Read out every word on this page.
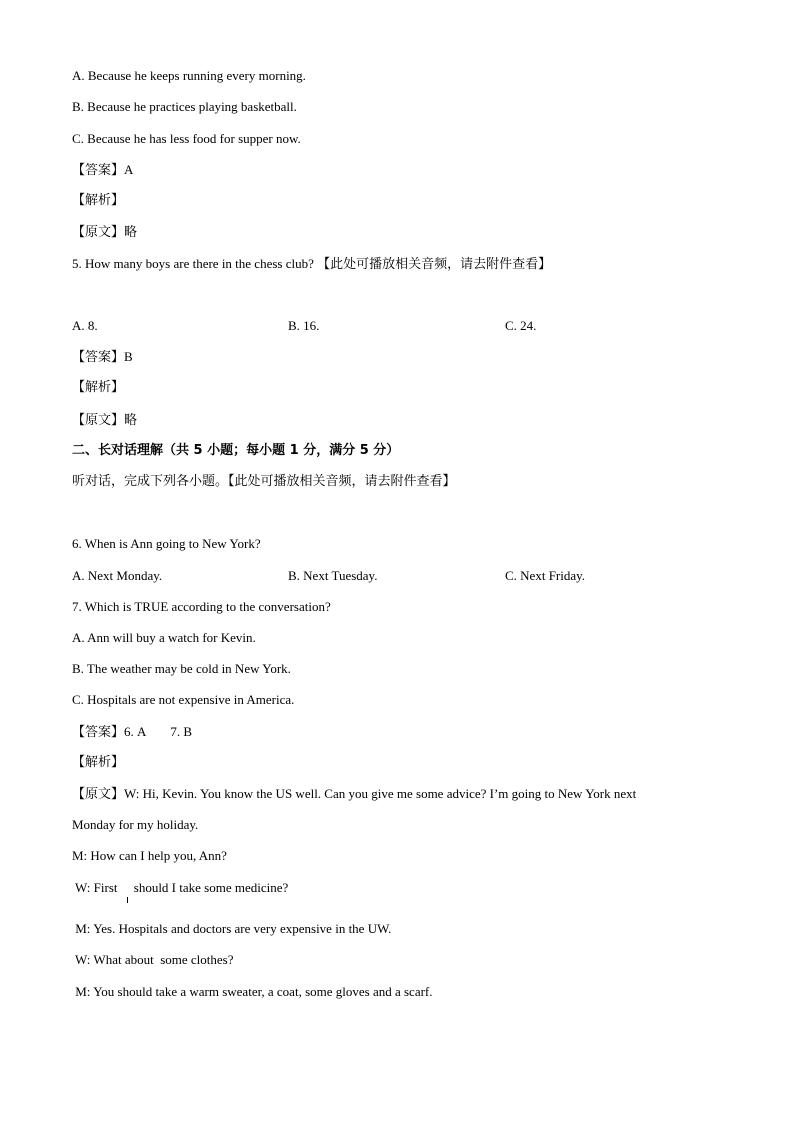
A. Because he keeps running every morning.
B. Because he practices playing basketball.
C. Because he has less food for supper now.
【答案】A
【解析】
【原文】略
5. How many boys are there in the chess club? 【此处可播放相关音频，请去附件查看】
A. 8.	B. 16.	C. 24.
【答案】B
【解析】
【原文】略
二、长对话理解（共 5 小题；每小题 1 分，满分 5 分）
听对话，完成下列各小题。【此处可播放相关音频，请去附件查看】
6. When is Ann going to New York?
A. Next Monday.	B. Next Tuesday.	C. Next Friday.
7. Which is TRUE according to the conversation?
A. Ann will buy a watch for Kevin.
B. The weather may be cold in New York.
C. Hospitals are not expensive in America.
【答案】6. A 7. B
【解析】
【原文】W: Hi, Kevin. You know the US well. Can you give me some advice? I’m going to New York next
Monday for my holiday.
M: How can I help you, Ann?
W: First     should I take some medicine?
M: Yes. Hospitals and doctors are very expensive in the UW.
W: What about  some clothes?
M: You should take a warm sweater, a coat, some gloves and a scarf.
